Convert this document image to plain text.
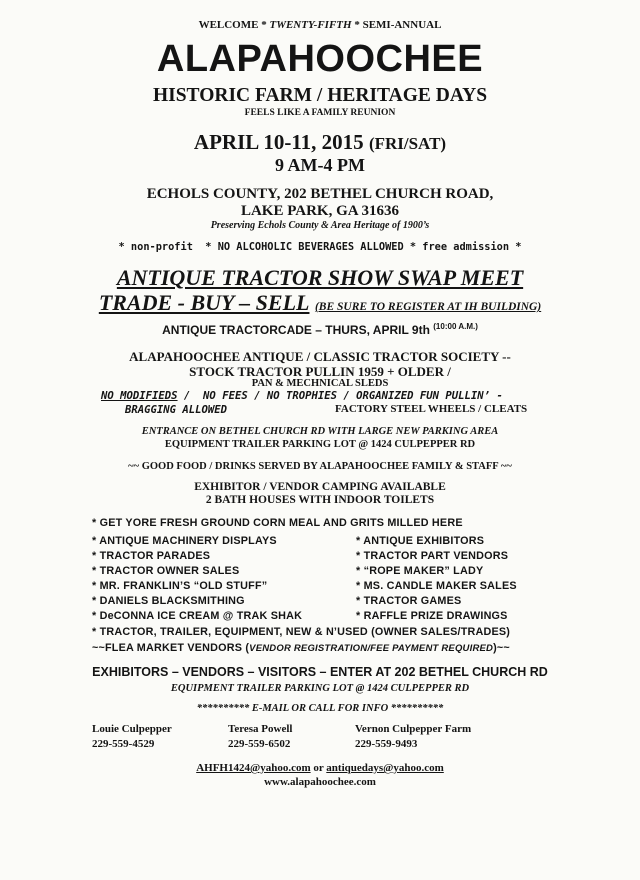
WELCOME * TWENTY-FIFTH * SEMI-ANNUAL
ALAPAHOOCHEE
HISTORIC FARM / HERITAGE DAYS
FEELS LIKE A FAMILY REUNION
APRIL 10-11, 2015 (FRI/SAT)
9 AM-4 PM
ECHOLS COUNTY, 202 BETHEL CHURCH ROAD,
LAKE PARK, GA 31636
Preserving Echols County & Area Heritage of 1900’s
* non-profit  * NO ALCOHOLIC BEVERAGES ALLOWED * free admission *
ANTIQUE TRACTOR SHOW SWAP MEET
TRADE - BUY – SELL (BE SURE TO REGISTER AT IH BUILDING)
ANTIQUE TRACTORCADE – THURS, APRIL 9th $^{(10:00 A.M.)}$
ALAPAHOOCHEE ANTIQUE / CLASSIC TRACTOR SOCIETY --
STOCK TRACTOR PULLIN 1959 + OLDER /
PAN & MECHNICAL SLEDS
NO MODIFIEDS /  NO FEES / NO TROPHIES / ORGANIZED FUN PULLIN’ -
BRAGGING ALLOWED	FACTORY STEEL WHEELS / CLEATS
ENTRANCE ON BETHEL CHURCH RD WITH LARGE NEW PARKING AREA
EQUIPMENT TRAILER PARKING LOT @ 1424 CULPEPPER RD
~~ GOOD FOOD / DRINKS SERVED BY ALAPAHOOCHEE FAMILY & STAFF ~~
EXHIBITOR / VENDOR CAMPING AVAILABLE
2 BATH HOUSES WITH INDOOR TOILETS
* GET YORE FRESH GROUND CORN MEAL AND GRITS MILLED HERE
* ANTIQUE MACHINERY DISPLAYS
* TRACTOR PARADES
* TRACTOR OWNER SALES
* MR. FRANKLIN’S “OLD STUFF”
* DANIELS BLACKSMITHING
* DeCONNA ICE CREAM @ TRAK SHAK
* ANTIQUE EXHIBITORS
* TRACTOR PART VENDORS
* “ROPE MAKER” LADY
* MS. CANDLE MAKER SALES
* TRACTOR GAMES
* RAFFLE PRIZE DRAWINGS
* TRACTOR, TRAILER, EQUIPMENT, NEW & N’USED (OWNER SALES/TRADES)
~~FLEA MARKET VENDORS (VENDOR REGISTRATION/FEE PAYMENT REQUIRED)~~
EXHIBITORS – VENDORS – VISITORS – ENTER AT 202 BETHEL CHURCH RD
EQUIPMENT TRAILER PARKING LOT @ 1424 CULPEPPER RD
********** E-MAIL OR CALL FOR INFO **********
Louie Culpepper
229-559-4529
Teresa Powell
229-559-6502
Vernon Culpepper Farm
229-559-9493
AHFH1424@yahoo.com or antiquedays@yahoo.com
www.alapahoochee.com
